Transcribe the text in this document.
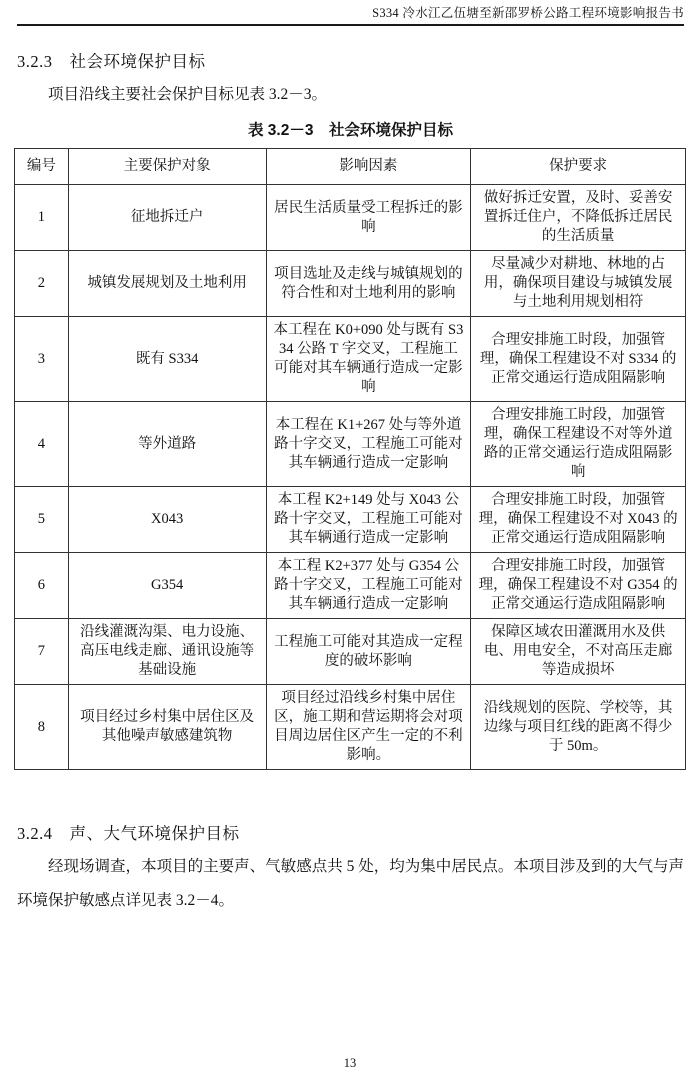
S334 冷水江乙伍塘至新邵罗桥公路工程环境影响报告书
3.2.3　社会环境保护目标

项目沿线主要社会保护目标见表 3.2－3。

表 3.2－3　社会环境保护目标
编号	主要保护对象	影响因素	保护要求
1	征地拆迁户	居民生活质量受工程拆迁的影响	做好拆迁安置，及时、妥善安置拆迁住户，不降低拆迁居民的生活质量
2	城镇发展规划及土地利用	项目选址及走线与城镇规划的符合性和对土地利用的影响	尽量减少对耕地、林地的占用，确保项目建设与城镇发展与土地利用规划相符
3	既有 S334	本工程在 K0+090 处与既有 S334 公路 T 字交叉，工程施工可能对其车辆通行造成一定影响	合理安排施工时段，加强管理，确保工程建设不对 S334 的正常交通运行造成阻隔影响
4	等外道路	本工程在 K1+267 处与等外道路十字交叉，工程施工可能对其车辆通行造成一定影响	合理安排施工时段，加强管理，确保工程建设不对等外道路的正常交通运行造成阻隔影响
5	X043	本工程 K2+149 处与 X043 公路十字交叉，工程施工可能对其车辆通行造成一定影响	合理安排施工时段，加强管理，确保工程建设不对 X043 的正常交通运行造成阻隔影响
6	G354	本工程 K2+377 处与 G354 公路十字交叉，工程施工可能对其车辆通行造成一定影响	合理安排施工时段，加强管理，确保工程建设不对 G354 的正常交通运行造成阻隔影响
7	沿线灌溉沟渠、电力设施、高压电线走廊、通讯设施等基础设施	工程施工可能对其造成一定程度的破坏影响	保障区域农田灌溉用水及供电、用电安全，不对高压走廊等造成损坏
8	项目经过乡村集中居住区及其他噪声敏感建筑物	项目经过沿线乡村集中居住区，施工期和营运期将会对项目周边居住区产生一定的不利影响。	沿线规划的医院、学校等，其边缘与项目红线的距离不得少于 50m。
3.2.4　声、大气环境保护目标

经现场调查，本项目的主要声、气敏感点共 5 处，均为集中居民点。本项目涉及到的大气与声环境保护敏感点详见表 3.2－4。

13
